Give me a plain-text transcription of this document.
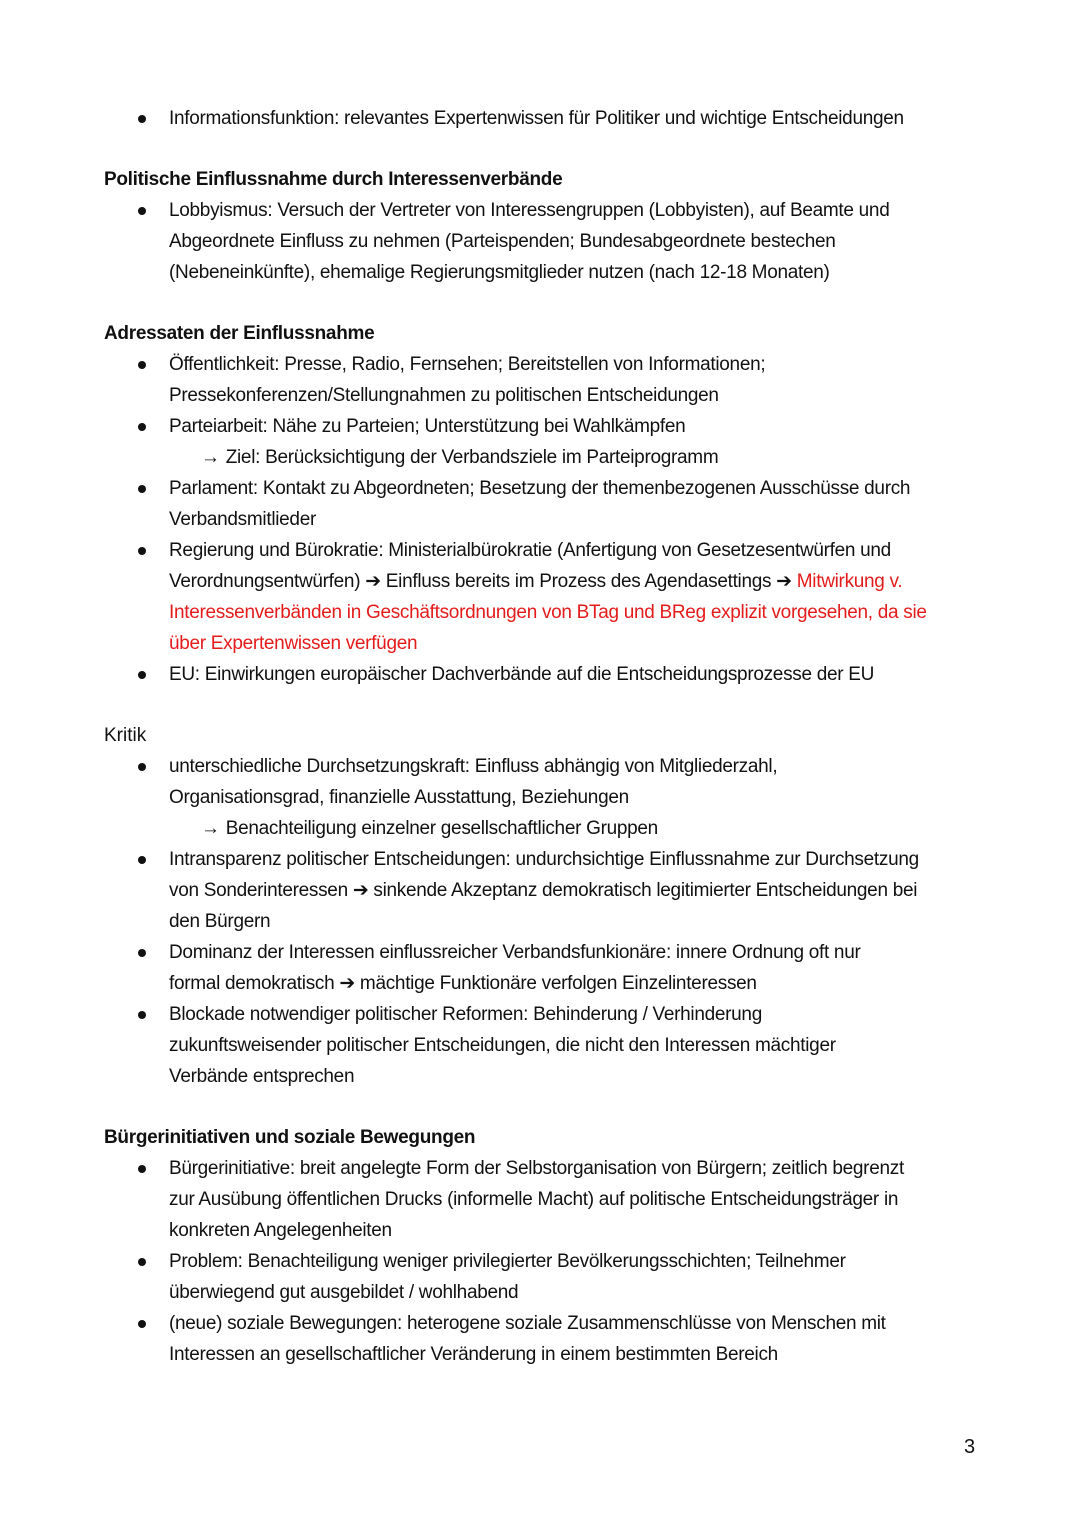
Informationsfunktion: relevantes Expertenwissen für Politiker und wichtige Entscheidungen
Politische Einflussnahme durch Interessenverbände
Lobbyismus: Versuch der Vertreter von Interessengruppen (Lobbyisten), auf Beamte und
Abgeordnete Einfluss zu nehmen (Parteispenden; Bundesabgeordnete bestechen
(Nebeneinkünfte), ehemalige Regierungsmitglieder nutzen (nach 12-18 Monaten)
Adressaten der Einflussnahme
Öffentlichkeit: Presse, Radio, Fernsehen; Bereitstellen von Informationen;
Pressekonferenzen/Stellungnahmen zu politischen Entscheidungen
Parteiarbeit: Nähe zu Parteien; Unterstützung bei Wahlkämpfen
→ Ziel: Berücksichtigung der Verbandsziele im Parteiprogramm
Parlament: Kontakt zu Abgeordneten; Besetzung der themenbezogenen Ausschüsse durch
Verbandsmitlieder
Regierung und Bürokratie: Ministerialbürokratie (Anfertigung von Gesetzesentwürfen und
Verordnungsentwürfen) ➔ Einfluss bereits im Prozess des Agendasettings ➔ Mitwirkung v.
Interessenverbänden in Geschäftsordnungen von BTag und BReg explizit vorgesehen, da sie
über Expertenwissen verfügen
EU: Einwirkungen europäischer Dachverbände auf die Entscheidungsprozesse der EU
Kritik
unterschiedliche Durchsetzungskraft: Einfluss abhängig von Mitgliederzahl,
Organisationsgrad, finanzielle Ausstattung, Beziehungen
→ Benachteiligung einzelner gesellschaftlicher Gruppen
Intransparenz politischer Entscheidungen: undurchsichtige Einflussnahme zur Durchsetzung
von Sonderinteressen ➔ sinkende Akzeptanz demokratisch legitimierter Entscheidungen bei
den Bürgern
Dominanz der Interessen einflussreicher Verbandsfunkionäre: innere Ordnung oft nur
formal demokratisch ➔ mächtige Funktionäre verfolgen Einzelinteressen
Blockade notwendiger politischer Reformen: Behinderung / Verhinderung
zukunftsweisender politischer Entscheidungen, die nicht den Interessen mächtiger
Verbände entsprechen
Bürgerinitiativen und soziale Bewegungen
Bürgerinitiative: breit angelegte Form der Selbstorganisation von Bürgern; zeitlich begrenzt
zur Ausübung öffentlichen Drucks (informelle Macht) auf politische Entscheidungsträger in
konkreten Angelegenheiten
Problem: Benachteiligung weniger privilegierter Bevölkerungsschichten; Teilnehmer
überwiegend gut ausgebildet / wohlhabend
(neue) soziale Bewegungen: heterogene soziale Zusammenschlüsse von Menschen mit
Interessen an gesellschaftlicher Veränderung in einem bestimmten Bereich
3
